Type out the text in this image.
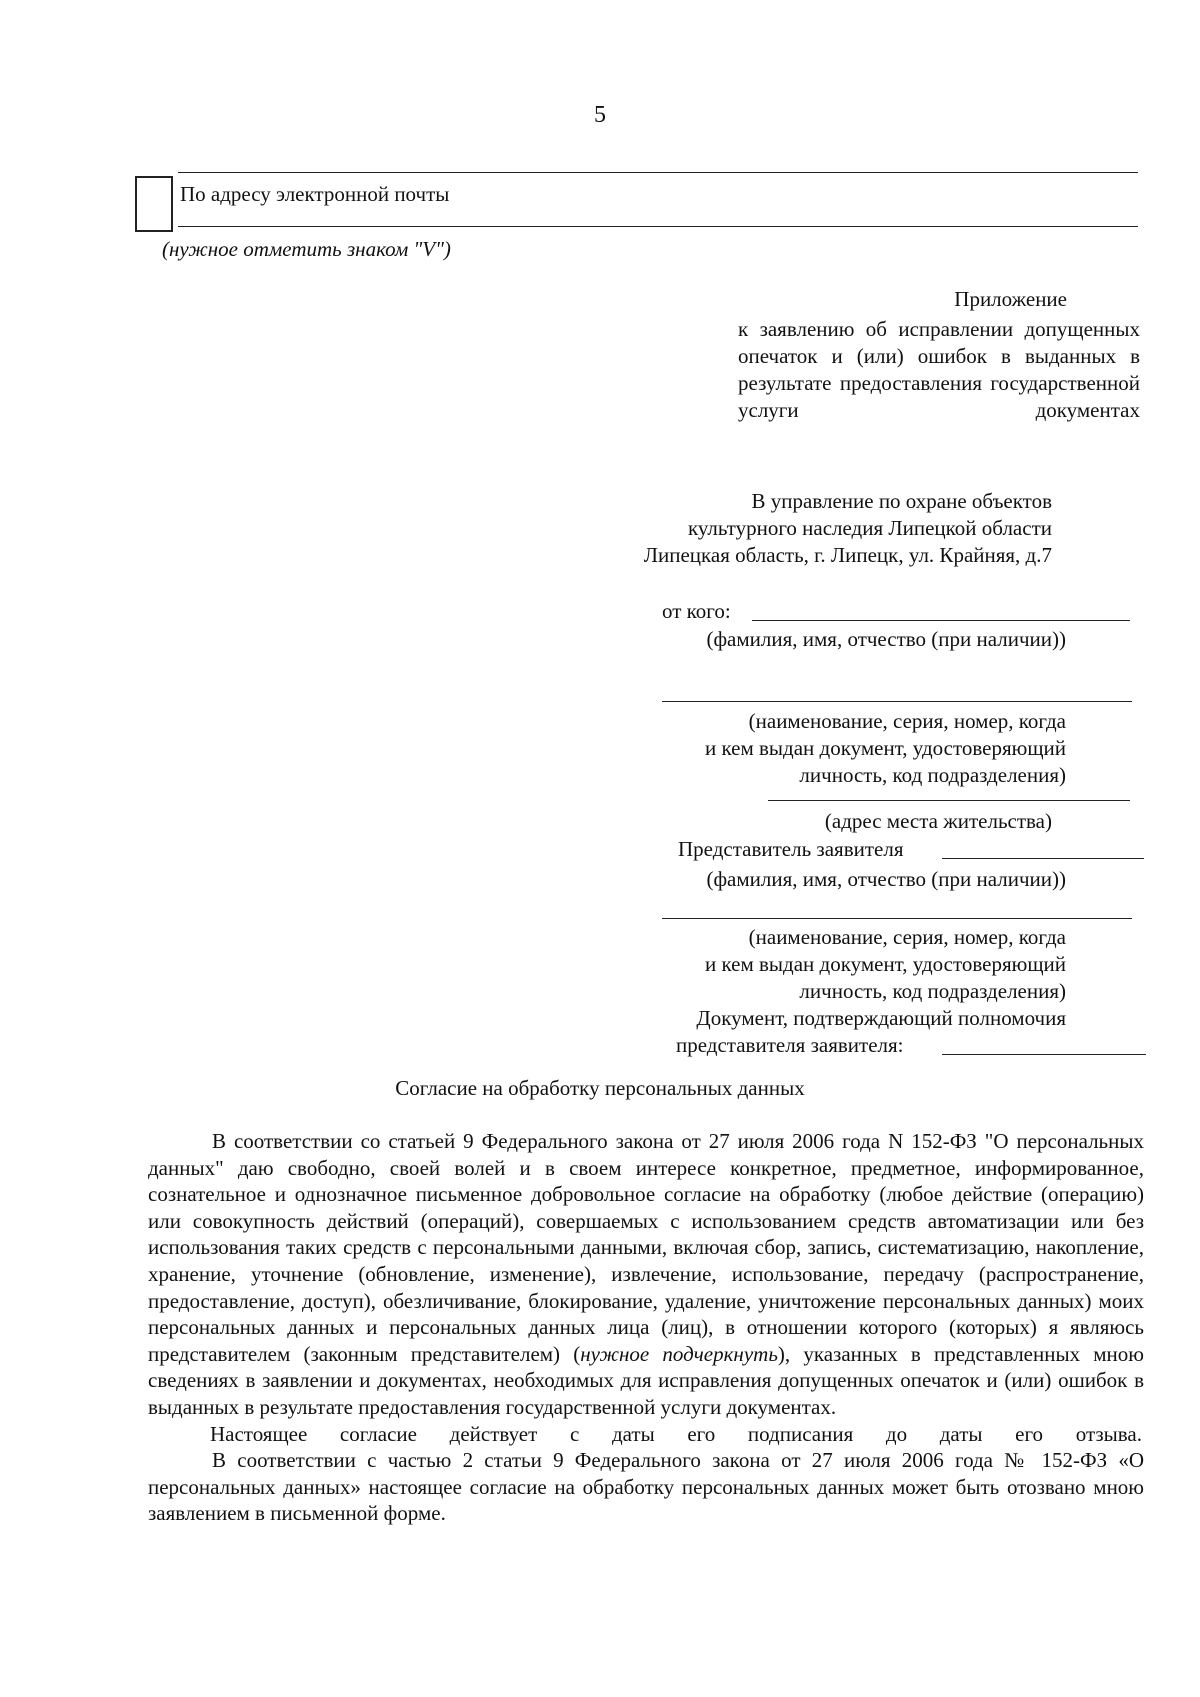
5
По адресу электронной почты
(нужное отметить знаком "V")
Приложение
к заявлению об исправлении допущенных опечаток и (или) ошибок в выданных в результате предоставления государственной услуги документах
В управление по охране объектов
культурного наследия Липецкой области
Липецкая область, г. Липецк, ул. Крайняя, д.7
от кого:
(фамилия, имя, отчество (при наличии))
(наименование, серия, номер, когда
и кем выдан документ, удостоверяющий
личность, код подразделения)
(адрес места жительства)
Представитель заявителя
(фамилия, имя, отчество (при наличии))
(наименование, серия, номер, когда
и кем выдан документ, удостоверяющий
личность, код подразделения)
Документ, подтверждающий полномочия
представителя заявителя:
Согласие на обработку персональных данных

В соответствии со статьей 9 Федерального закона от 27 июля 2006 года N 152-ФЗ "О персональных данных" даю свободно, своей волей и в своем интересе конкретное, предметное, информированное, сознательное и однозначное письменное добровольное согласие на обработку (любое действие (операцию) или совокупность действий (операций), совершаемых с использованием средств автоматизации или без использования таких средств с персональными данными, включая сбор, запись, систематизацию, накопление, хранение, уточнение (обновление, изменение), извлечение, использование, передачу (распространение, предоставление, доступ), обезличивание, блокирование, удаление, уничтожение персональных данных) моих персональных данных и персональных данных лица (лиц), в отношении которого (которых) я являюсь представителем (законным представителем) (нужное подчеркнуть), указанных в представленных мною сведениях в заявлении и документах, необходимых для исправления допущенных опечаток и (или) ошибок в выданных в результате предоставления государственной услуги документах.

Настоящее согласие действует с даты его подписания до даты его отзыва.

В соответствии с частью 2 статьи 9 Федерального закона от 27 июля 2006 года № 152-ФЗ «О персональных данных» настоящее согласие на обработку персональных данных может быть отозвано мною заявлением в письменной форме.
